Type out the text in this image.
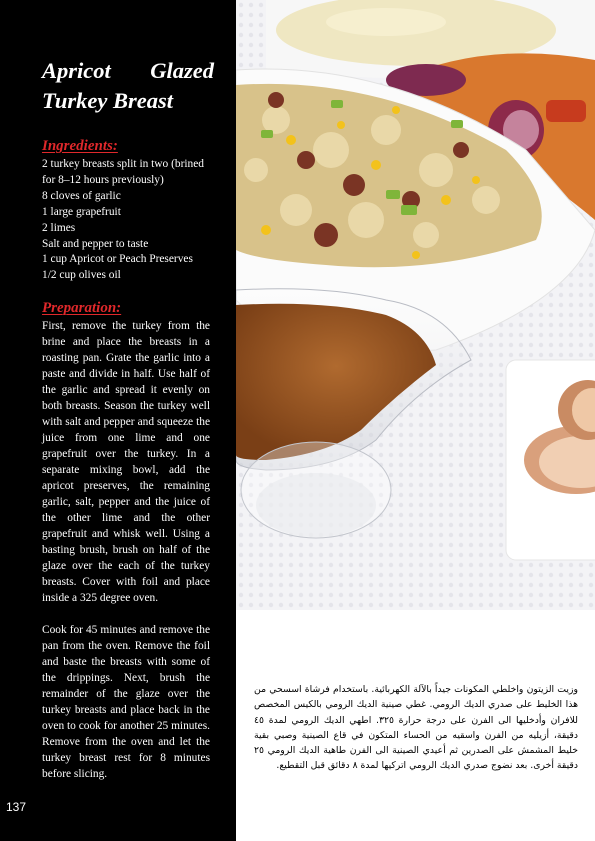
Apricot Glazed
Turkey Breast
Ingredients:
2 turkey breasts split in two (brined
for 8–12 hours previously)
8 cloves of garlic
1 large grapefruit
2 limes
Salt and pepper to taste
1 cup Apricot or Peach Preserves
1/2 cup olives oil
Preparation:

First, remove the turkey from the brine and place the breasts in a roasting pan. Grate the garlic into a paste and divide in half. Use half of the garlic and spread it evenly on both breasts. Season the turkey well with salt and pepper and squeeze the juice from one lime and one grapefruit over the turkey. In a separate mixing bowl, add the apricot preserves, the remaining garlic, salt, pepper and the juice of the other lime and the other grapefruit and whisk well. Using a basting brush, brush on half of the glaze over the each of the turkey breasts. Cover with foil and place inside a 325 degree oven.

Cook for 45 minutes and remove the pan from the oven. Remove the foil and baste the breasts with some of the drippings. Next, brush the remainder of the glaze over the turkey breasts and place back in the oven to cook for another 25 minutes. Remove from the oven and let the turkey breast rest for 8 minutes before slicing.

137

وزيت الزيتون واخلطي المكونات جيداً بالآلة الكهربائية. باستخدام فرشاة اسسحي من هذا الخليط على صدري الديك الرومي. غطي صينية الديك الرومي بالكيس المخصص للافران وأدخليها الى الفرن على درجة حرارة ٣٢٥. اطهي الديك الرومي لمدة ٤٥ دقيقة، أزيليه من الفرن واسقيه من الحساء المتكون في قاع الصينية وصبي بقية خليط المشمش على الصدرين ثم أعيدي الصينية الى الفرن طاهية الديك الرومي ٢٥ دقيقة أخرى. بعد نضوج صدري الديك الرومي اتركيها لمدة ٨ دقائق قبل التقطيع.
